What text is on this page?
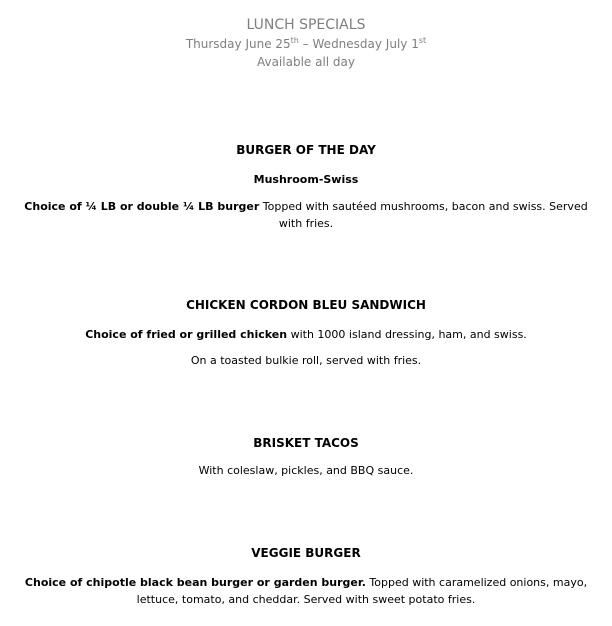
LUNCH SPECIALS
Thursday June 25th – Wednesday July 1st
Available all day
BURGER OF THE DAY
Mushroom-Swiss
Choice of ¼ LB or double ¼ LB burger Topped with sautéed mushrooms, bacon and swiss. Served with fries.
CHICKEN CORDON BLEU SANDWICH
Choice of fried or grilled chicken with 1000 island dressing, ham, and swiss.
On a toasted bulkie roll, served with fries.
BRISKET TACOS
With coleslaw, pickles, and BBQ sauce.
VEGGIE BURGER
Choice of chipotle black bean burger or garden burger. Topped with caramelized onions, mayo, lettuce, tomato, and cheddar. Served with sweet potato fries.
